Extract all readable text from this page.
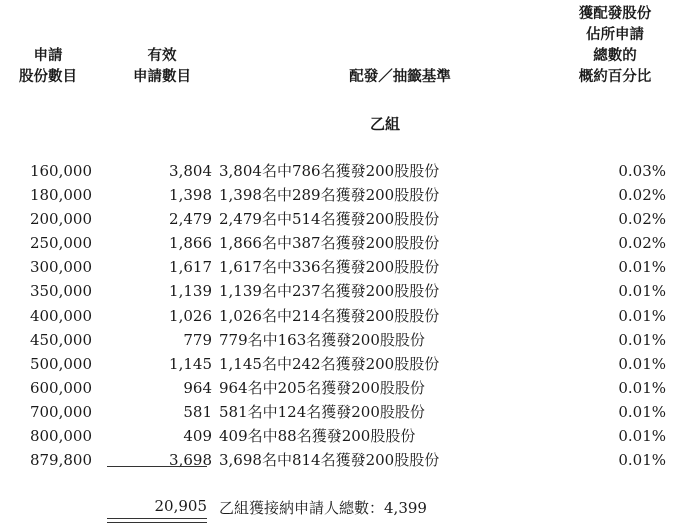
申請
股份數目
有效
申請數目	配發／抽籤基準
獲配發股份
佔所申請
總數的
概約百分比
乙組
160,000	3,804 3,804名中786名獲發200股股份	0.03%
180,000	1,398 1,398名中289名獲發200股股份	0.02%
200,000	2,479 2,479名中514名獲發200股股份	0.02%
250,000	1,866 1,866名中387名獲發200股股份	0.02%
300,000	1,617 1,617名中336名獲發200股股份	0.01%
350,000	1,139 1,139名中237名獲發200股股份	0.01%
400,000	1,026 1,026名中214名獲發200股股份	0.01%
450,000	779 779名中163名獲發200股股份	0.01%
500,000	1,145 1,145名中242名獲發200股股份	0.01%
600,000	964 964名中205名獲發200股股份	0.01%
700,000	581 581名中124名獲發200股股份	0.01%
800,000	409 409名中88名獲發200股股份	0.01%
879,800	3,698 3,698名中814名獲發200股股份	0.01%
20,905 乙組獲接納申請人總數：4,399
